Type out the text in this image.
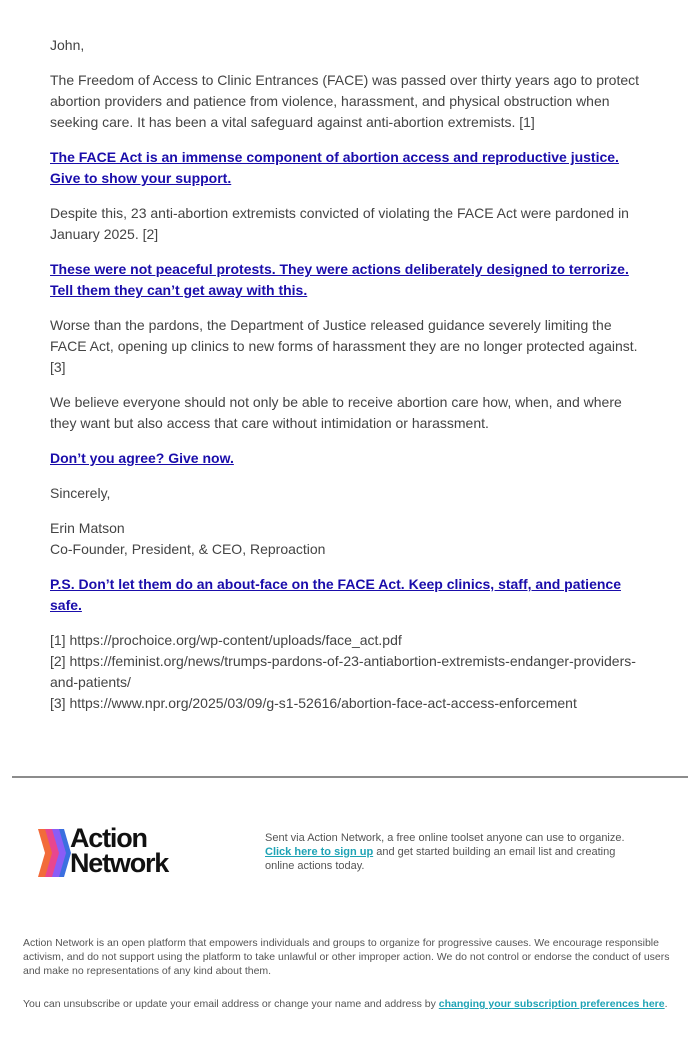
John,

The Freedom of Access to Clinic Entrances (FACE) was passed over thirty years ago to protect abortion providers and patience from violence, harassment, and physical obstruction when seeking care. It has been a vital safeguard against anti-abortion extremists. [1]

The FACE Act is an immense component of abortion access and reproductive justice. Give to show your support.

Despite this, 23 anti-abortion extremists convicted of violating the FACE Act were pardoned in January 2025. [2]

These were not peaceful protests. They were actions deliberately designed to terrorize. Tell them they can’t get away with this.

Worse than the pardons, the Department of Justice released guidance severely limiting the FACE Act, opening up clinics to new forms of harassment they are no longer protected against. [3]

We believe everyone should not only be able to receive abortion care how, when, and where they want but also access that care without intimidation or harassment.

Don’t you agree? Give now.

Sincerely,

Erin Matson

Co-Founder, President, & CEO, Reproaction

P.S. Don’t let them do an about-face on the FACE Act. Keep clinics, staff, and patience safe.

[1] https://prochoice.org/wp-content/uploads/face_act.pdf

[2] https://feminist.org/news/trumps-pardons-of-23-antiabortion-extremists-endanger-providers-and-patients/

[3] https://www.npr.org/2025/03/09/g-s1-52616/abortion-face-act-access-enforcement

Action
Network
Sent via Action Network, a free online toolset anyone can use to organize.
Click here to sign up and get started building an email list and creating online actions today.
Action Network is an open platform that empowers individuals and groups to organize for progressive causes. We encourage responsible activism, and do not support using the platform to take unlawful or other improper action. We do not control or endorse the conduct of users and make no representations of any kind about them.
You can unsubscribe or update your email address or change your name and address by changing your subscription preferences here.
